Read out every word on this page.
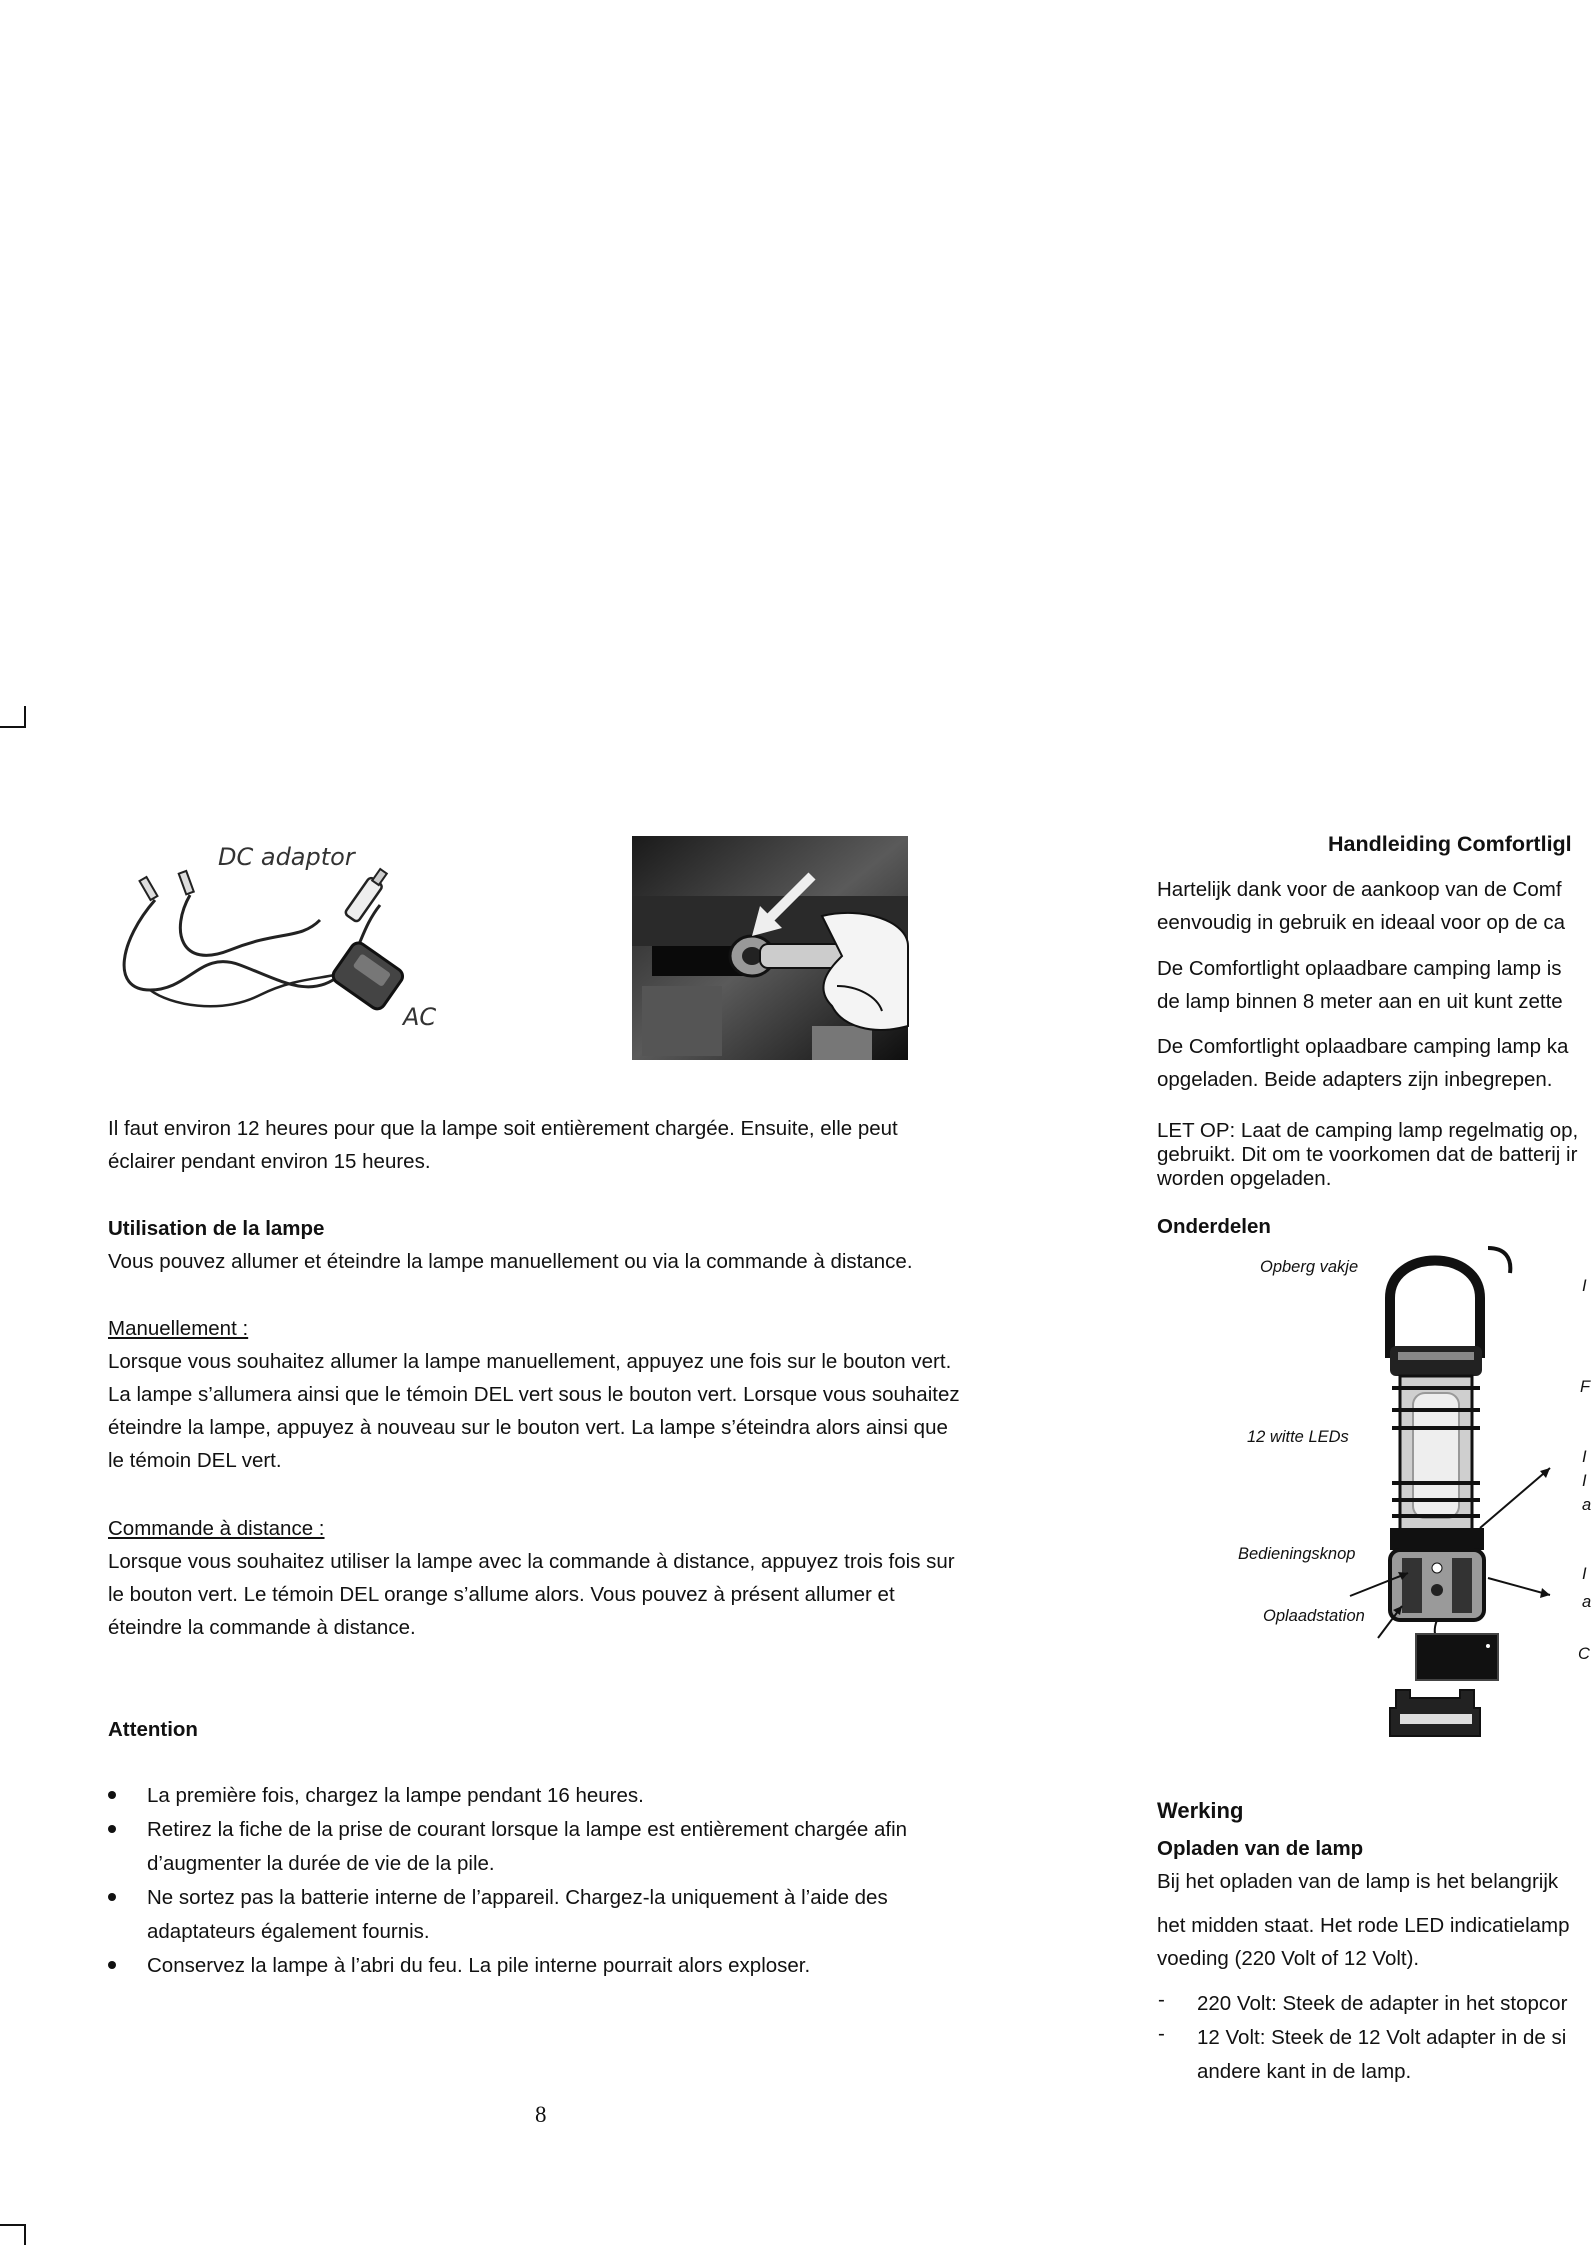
DC adaptor
AC

Il faut environ 12 heures pour que la lampe soit entièrement chargée. Ensuite, elle peut

éclairer pendant environ 15 heures.

Utilisation de la lampe

Vous pouvez allumer et éteindre la lampe manuellement ou via la commande à distance.

Manuellement :

Lorsque vous souhaitez allumer la lampe manuellement, appuyez une fois sur le bouton vert.

La lampe s’allumera ainsi que le témoin DEL vert sous le bouton vert. Lorsque vous souhaitez

éteindre la lampe, appuyez à nouveau sur le bouton vert. La lampe s’éteindra alors ainsi que

le témoin DEL vert.

Commande à distance :

Lorsque vous souhaitez utiliser la lampe avec la commande à distance, appuyez trois fois sur

le bouton vert. Le témoin DEL orange s’allume alors. Vous pouvez à présent allumer et

éteindre la commande à distance.

Attention

La première fois, chargez la lampe pendant 16 heures.

Retirez la fiche de la prise de courant lorsque la lampe est entièrement chargée afin

d’augmenter la durée de vie de la pile.

Ne sortez pas la batterie interne de l’appareil. Chargez-la uniquement à l’aide des

adaptateurs également fournis.

Conservez la lampe à l’abri du feu. La pile interne pourrait alors exploser.

8

Handleiding Comfortligl

Hartelijk dank voor de aankoop van de Comf

eenvoudig in gebruik en ideaal voor op de ca

De Comfortlight oplaadbare camping lamp is

de lamp binnen 8 meter aan en uit kunt zette

De Comfortlight oplaadbare camping lamp ka

opgeladen. Beide adapters zijn inbegrepen.

LET OP: Laat de camping lamp regelmatig op,

gebruikt. Dit om te voorkomen dat de batterij ir

worden opgeladen.

Onderdelen

Opberg vakje
12 witte LEDs
Bedieningsknop
Oplaadstation
I
F
I
I
a
I
a
C

Werking

Opladen van de lamp

Bij het opladen van de lamp is het belangrijk

het midden staat. Het rode LED indicatielamp

voeding (220 Volt of 12 Volt).

- 220 Volt: Steek de adapter in het stopcor

- 12 Volt: Steek de 12 Volt adapter in de si

andere kant in de lamp.
